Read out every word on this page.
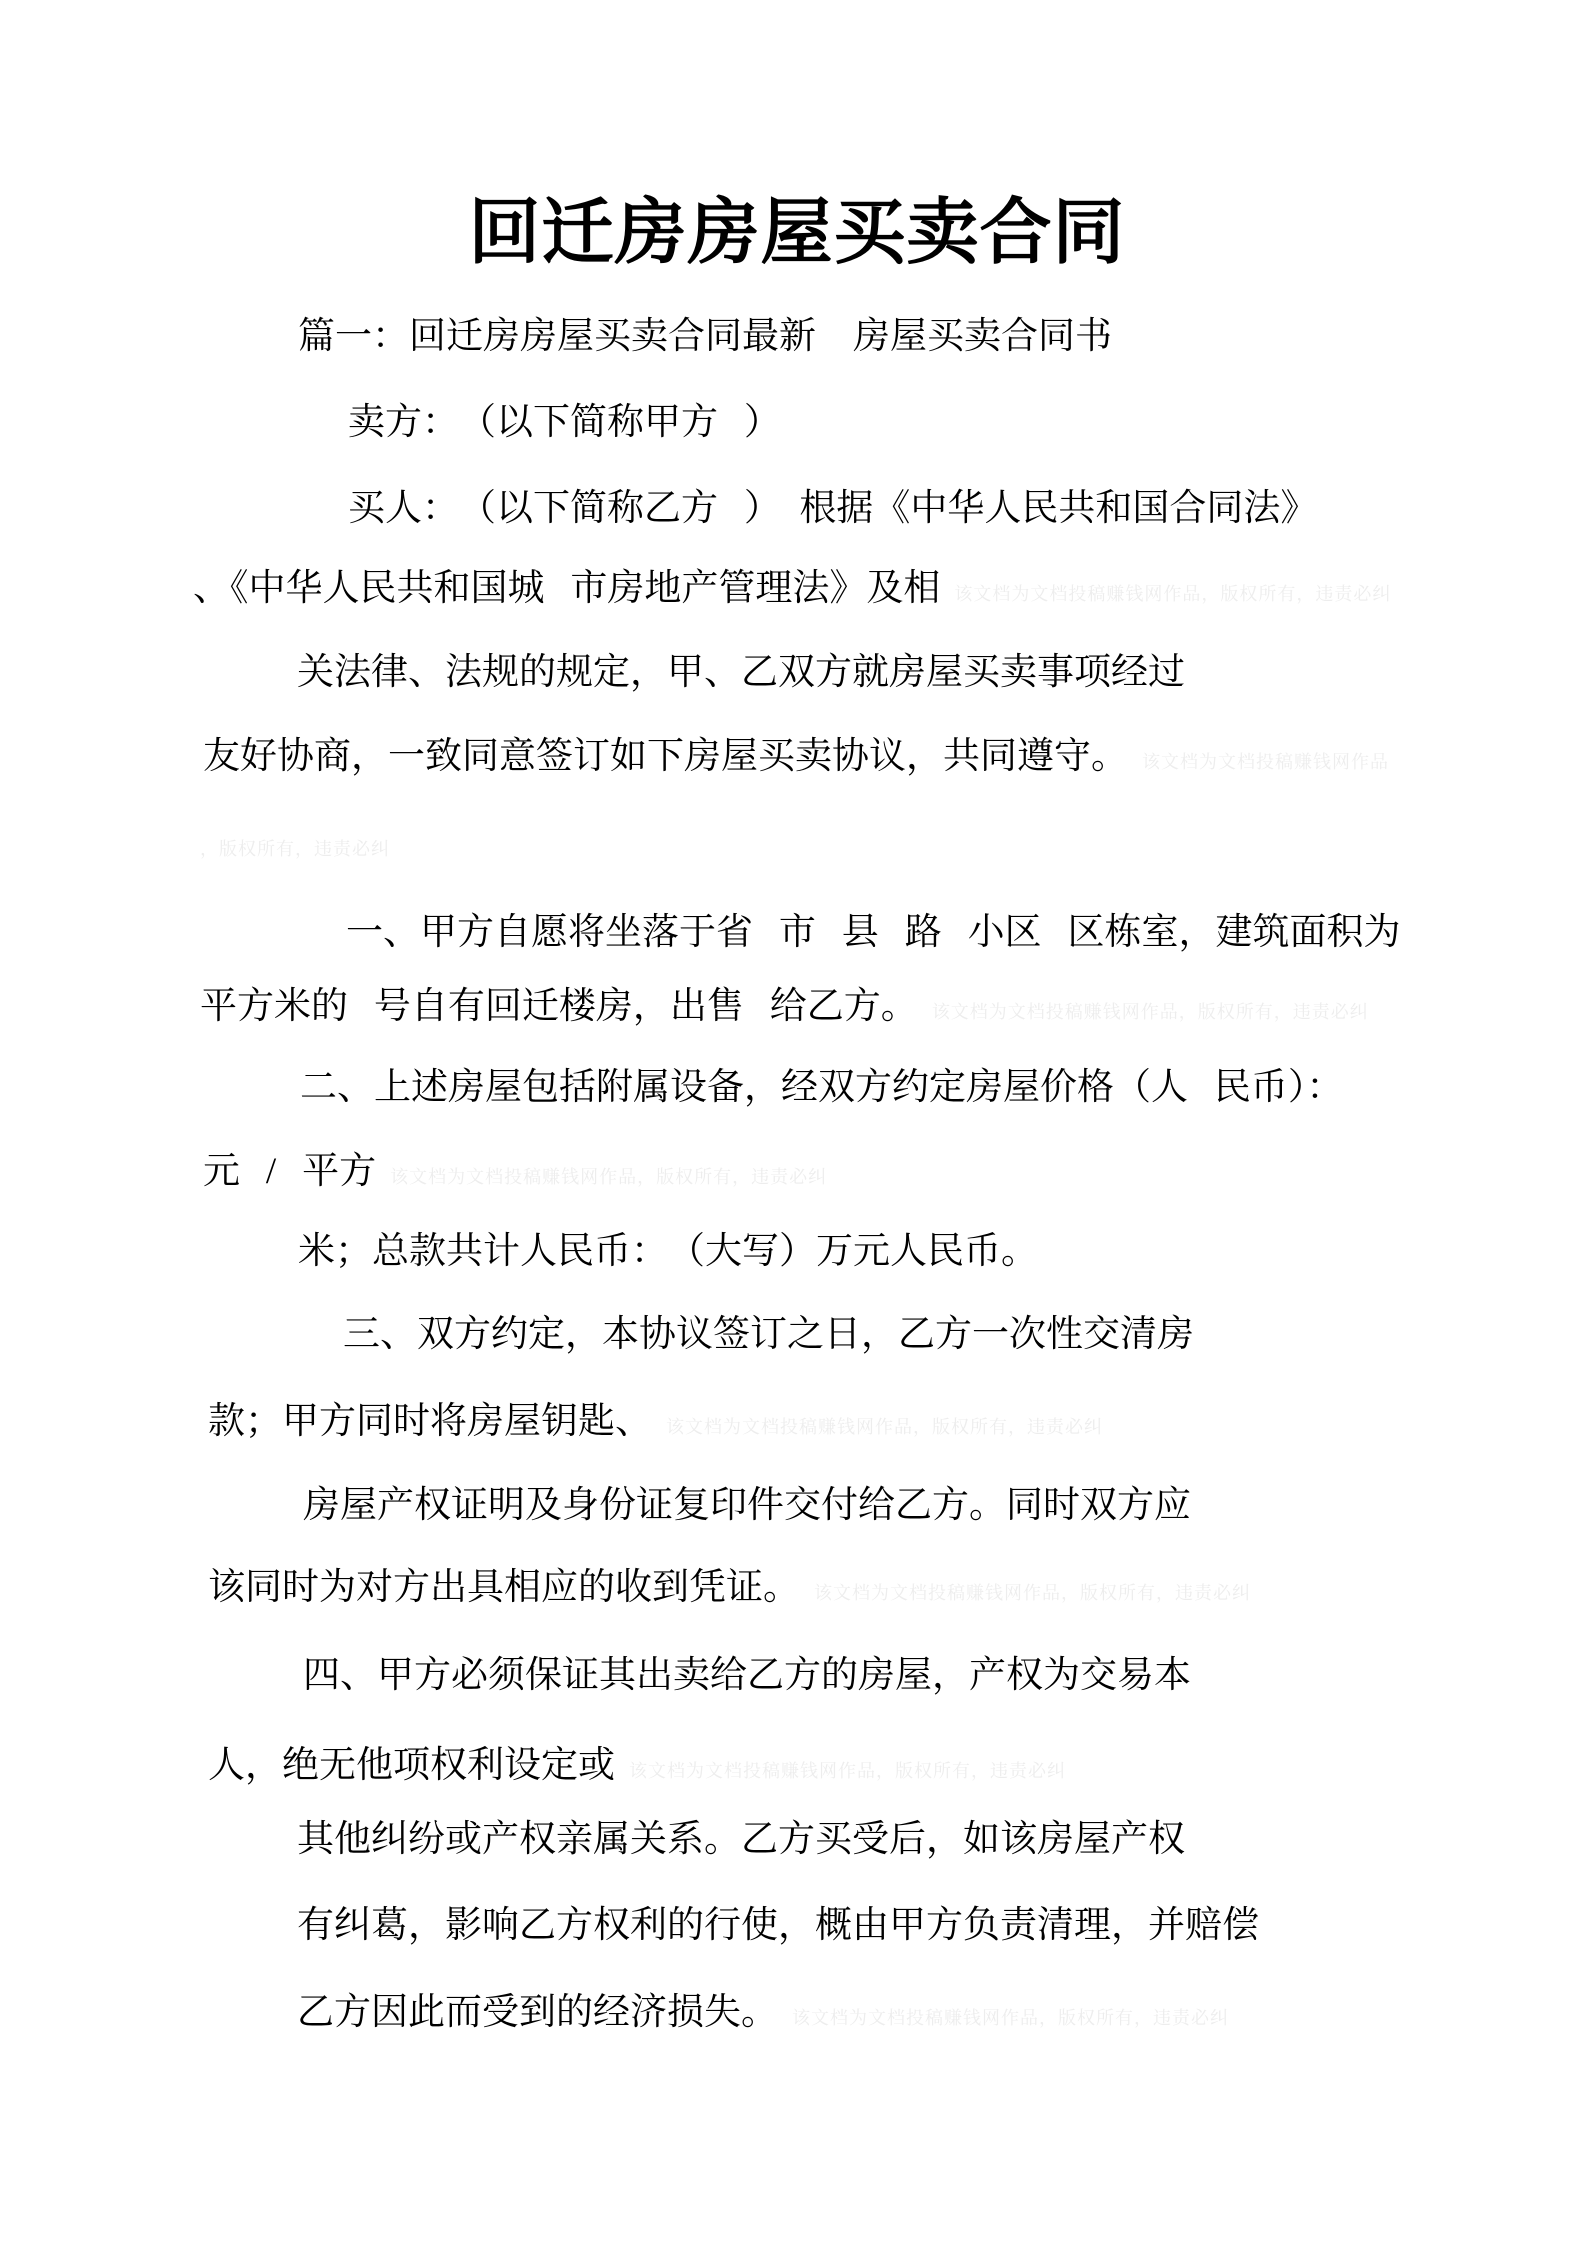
回迁房房屋买卖合同
篇一：回迁房房屋买卖合同最新　房屋买卖合同书
卖方：　（以下简称甲方 ）
买人：　（以下简称乙方 ）　根据《中华人民共和国合同法》
、《中华人民共和国城 市房地产管理法》及相 该文档为文档投稿赚钱网作品，版权所有，违责必纠
关法律、法规的规定，甲、乙双方就房屋买卖事项经过
友好协商，一致同意签订如下房屋买卖协议，共同遵守。 该文档为文档投稿赚钱网作品
，版权所有，违责必纠
一、甲方自愿将坐落于省 市 县 路 小区 区栋室，建筑面积为
平方米的 号自有回迁楼房，出售 给乙方。 该文档为文档投稿赚钱网作品，版权所有，违责必纠
二、上述房屋包括附属设备，经双方约定房屋价格（人 民币）：
元 / 平方 该文档为文档投稿赚钱网作品，版权所有，违责必纠
米；总款共计人民币：　（大写）万元人民币。
三、双方约定，本协议签订之日，乙方一次性交清房
款；甲方同时将房屋钥匙、 该文档为文档投稿赚钱网作品，版权所有，违责必纠
房屋产权证明及身份证复印件交付给乙方。同时双方应
该同时为对方出具相应的收到凭证。 该文档为文档投稿赚钱网作品，版权所有，违责必纠
四、甲方必须保证其出卖给乙方的房屋，产权为交易本
人，绝无他项权利设定或 该文档为文档投稿赚钱网作品，版权所有，违责必纠
其他纠纷或产权亲属关系。乙方买受后，如该房屋产权
有纠葛，影响乙方权利的行使，概由甲方负责清理，并赔偿
乙方因此而受到的经济损失。 该文档为文档投稿赚钱网作品，版权所有，违责必纠
